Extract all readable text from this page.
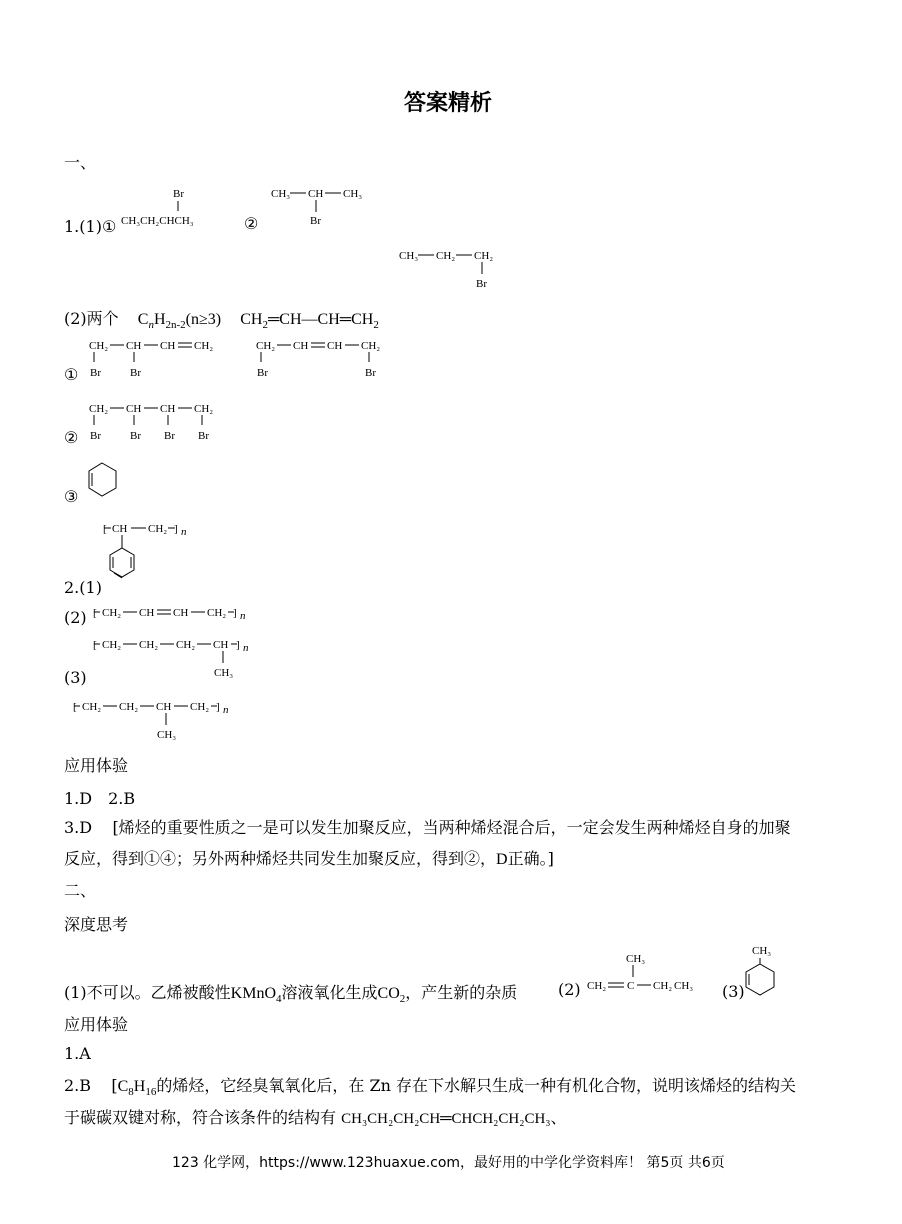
答案精析
一、
1.(1)①
Br
CH₃CH₂CHCH₃	②
CH₃ CH CH₃
Br
CH₃ CH₂ CH₂
Br
(2)两个 $C_nH_{2n-2}(n\ge 3)$ $CH_2═CH—CH═CH_2$
①
CH₂ CH CH CH₂
Br	Br
CH₂ CH CH CH₂
Br	Br
②
CH₂ CH CH CH₂
Br	Br Br Br
③
[ CH CH₂ ] n
2.(1)
(2) [ CH₂ CH CH CH₂ ] n
[ CH₂ CH₂ CH₂ CH ] n
CH₃
(3)
[ CH₂ CH₂ CH CH₂ ] n
CH₃
应用体验
1.D　2.B
3.D [烯烃的重要性质之一是可以发生加聚反应，当两种烯烃混合后，一定会发生两种烯烃自身的加聚
反应，得到①④；另外两种烯烃共同发生加聚反应，得到②，D正确。]
二、
深度思考
(1)不可以。乙烯被酸性KMnO$_4$溶液氧化生成$CO_2$，产生新的杂质	(2)
CH₃
CH₂ C CH₂ CH₃ (3)
CH₃
应用体验
1.A
2.B    [$C_8H_{16}$的烯烃，它经臭氧氧化后，在 Zn 存在下水解只生成一种有机化合物，说明该烯烃的结构关
于碳碳双键对称，符合该条件的结构有 CH₃CH₂CH₂CH═CHCH₂CH₂CH₃、
123 化学网，https://www.123huaxue.com，最好用的中学化学资料库！ 第5页 共6页
